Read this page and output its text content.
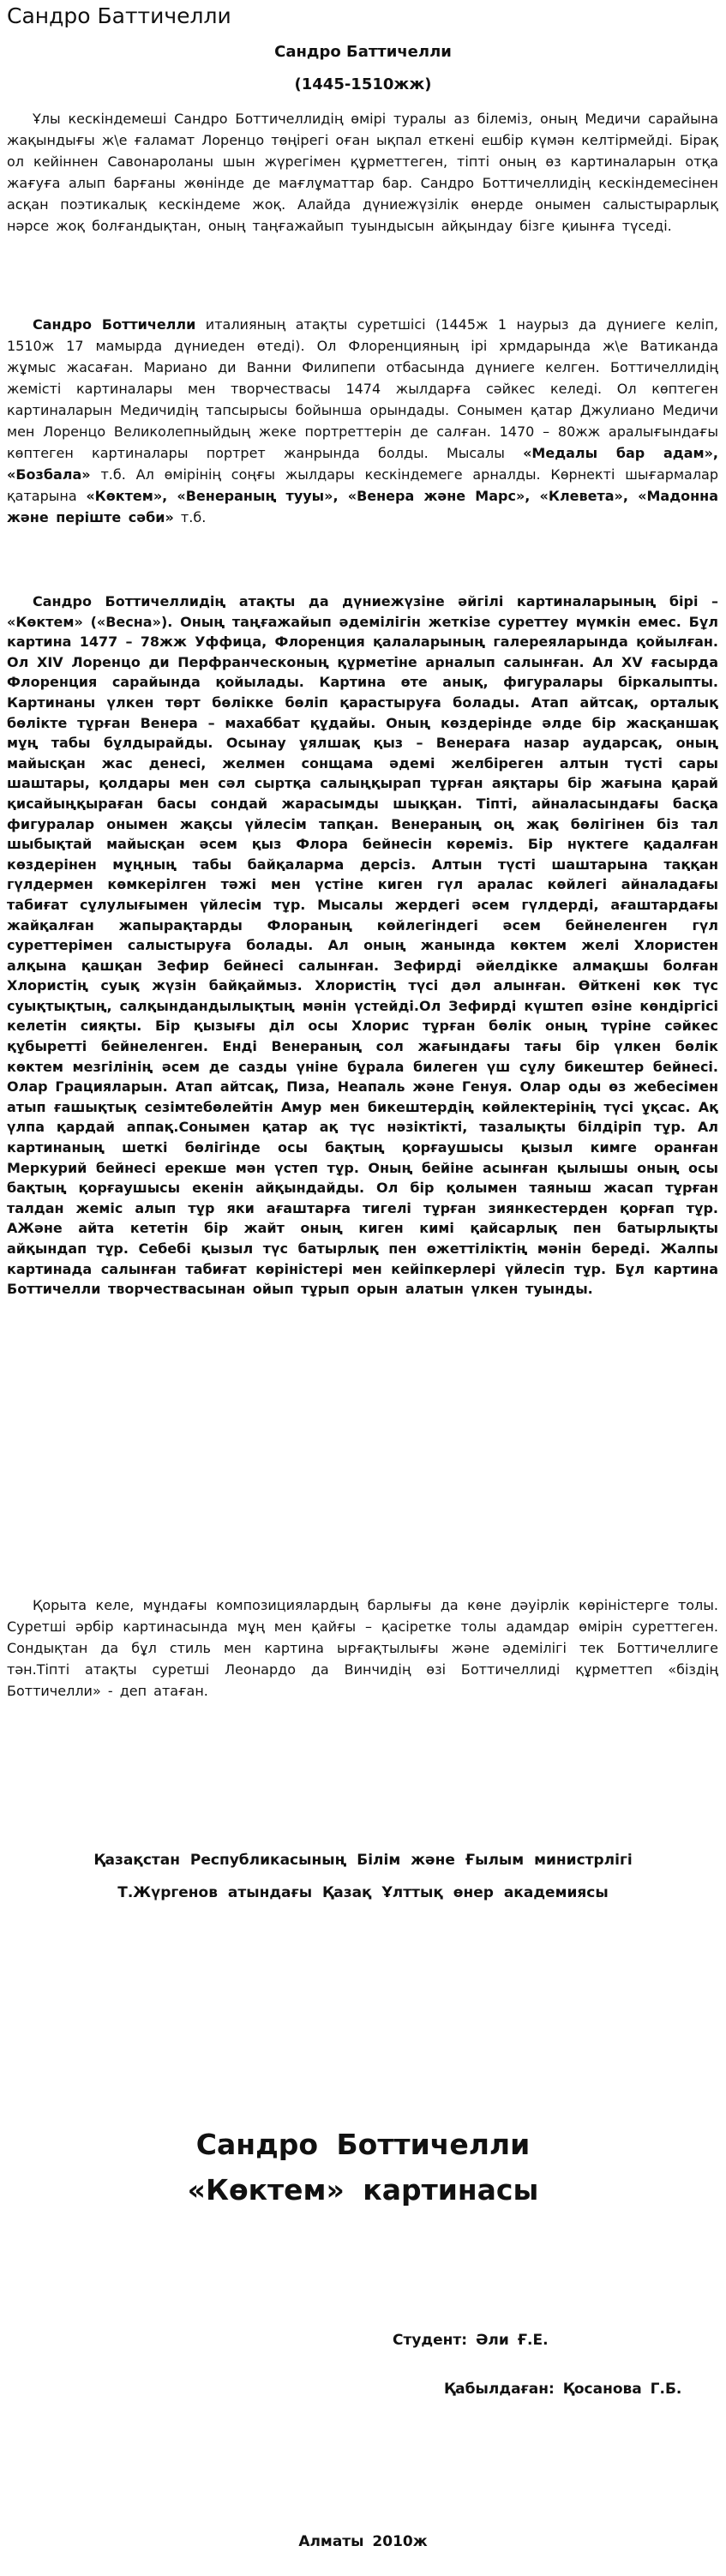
Сандро Баттичелли

Сандро Баттичелли

(1445-1510жж)

Ұлы кескіндемеші Сандро Боттичеллидің өмірі туралы аз білеміз, оның Медичи сарайына жақындығы ж\е ғаламат Лоренцо төңірегі оған ықпал еткені ешбір күмән келтірмейді. Бірақ ол кейіннен Савонароланы шын жүрегімен құрметтеген, тіпті оның өз картиналарын отқа жағуға алып барғаны жөнінде де мағлұматтар бар. Сандро Боттичеллидің кескіндемесінен асқан поэтикалық кескіндеме жоқ. Алайда дүниежүзілік өнерде онымен салыстырарлық нәрсе жоқ болғандықтан, оның таңғажайып туындысын айқындау бізге қиынға түседі.

Сандро Боттичелли италияның атақты суретшісі (1445ж 1 наурыз да дүниеге келіп, 1510ж 17 мамырда дүниеден өтеді). Ол Флоренцияның ірі хрмдарында ж\е Ватиканда жұмыс жасаған. Мариано ди Ванни Филипепи отбасында дүниеге келген. Боттичеллидің жемісті картиналары мен творчествасы 1474 жылдарға сәйкес келеді. Ол көптеген картиналарын Медичидің тапсырысы бойынша орындады. Сонымен қатар Джулиано Медичи мен Лоренцо Великолепныйдың жеке портреттерін де салған. 1470 – 80жж аралығындағы көптеген картиналары портрет жанрында болды. Мысалы «Медалы бар адам», «Бозбала» т.б. Ал өмірінің соңғы жылдары кескіндемеге арналды. Көрнекті шығармалар қатарына «Көктем», «Венераның тууы», «Венера және Марс», «Клевета», «Мадонна және періште сәби» т.б.

Сандро Боттичеллидің атақты да дүниежүзіне әйгілі картиналарының бірі – «Көктем» («Весна»). Оның таңғажайып әдемілігін жеткізе суреттеу мүмкін емес. Бұл картина 1477 – 78жж Уффица, Флоренция қалаларының галереяларында қойылған. Ол XIV Лоренцо ди Перфранческоның құрметіне арналып салынған. Ал XV ғасырда Флоренция сарайында қойылады. Картина өте анық, фигуралары біркалыпты. Картинаны үлкен төрт бөлікке бөліп қарастыруға болады. Атап айтсақ, орталық бөлікте тұрған Венера – махаббат құдайы. Оның көздерінде әлде бір жасқаншақ мұң табы бұлдырайды. Осынау ұялшақ қыз – Венераға назар аударсақ, оның майысқан жас денесі, желмен сонщама әдемі желбіреген алтын түсті сары шаштары, қолдары мен сәл сыртқа салыңқырап тұрған аяқтары бір жағына қарай қисайыңқыраған басы сондай жарасымды шыққан. Тіпті, айналасындағы басқа фигуралар онымен жақсы үйлесім тапқан. Венераның оң жақ бөлігінен біз тал шыбықтай майысқан әсем қыз Флора бейнесін көреміз. Бір нүктеге қадалған көздерінен мұңның табы байқаларма дерсіз. Алтын түсті шаштарына таққан гүлдермен көмкерілген тәжі мен үстіне киген гүл аралас көйлегі айналадағы табиғат сұлулығымен үйлесім тұр. Мысалы жердегі әсем гүлдерді, ағаштардағы жайқалған жапырақтарды Флораның көйлегіндегі әсем бейнеленген гүл суреттерімен салыстыруға болады. Ал оның жанында көктем желі Хлористен алқына қашқан Зефир бейнесі салынған. Зефирді әйелдікке алмақшы болған Хлористің суық жүзін байқаймыз. Хлористің түсі дәл алынған. Өйткені көк түс суықтықтың, салқындандылықтың мәнін үстейді.Ол Зефирді күштеп өзіне көндіргісі келетін сияқты. Бір қызығы діл осы Хлорис тұрған бөлік оның түріне сәйкес құбыретті бейнеленген. Енді Венераның сол жағындағы тағы бір үлкен бөлік көктем мезгілінің әсем де сазды үніне бұрала билеген үш сұлу бикештер бейнесі. Олар Грацияларын. Атап айтсақ, Пиза, Неапаль және Генуя. Олар оды өз жебесімен атып ғашықтық сезімтебөлейтін Амур мен бикештердің көйлектерінің түсі ұқсас. Ақ үлпа қардай аппақ.Сонымен қатар ақ түс нәзіктікті, тазалықты білдіріп тұр. Ал картинаның шеткі бөлігінде осы бақтың қорғаушысы қызыл кимге оранған Меркурий бейнесі ерекше мән үстеп тұр. Оның бейіне асынған қылышы оның осы бақтың қорғаушысы екенін айқындайды. Ол бір қолымен таяныш жасап тұрған талдан жеміс алып тұр яки ағаштарға тигелі тұрған зиянкестерден қорғап тұр. АЖәне айта кететін бір жайт оның киген кимі қайсарлық пен батырлықты айқындап тұр. Себебі қызыл түс батырлық пен өжеттіліктің мәнін береді. Жалпы картинада салынған табиғат көріністері мен кейіпкерлері үйлесіп тұр. Бұл картина Боттичелли творчествасынан ойып тұрып орын алатын үлкен туынды.

Қорыта келе, мұндағы композициялардың барлығы да көне дәуірлік көріністерге толы. Суретші әрбір картинасында мұң мен қайғы – қасіретке толы адамдар өмірін суреттеген. Сондықтан да бұл стиль мен картина ырғақтылығы және әдемілігі тек Боттичеллиге тән.Тіпті атақты суретші Леонардо да Винчидің өзі Боттичеллиді құрметтеп «біздің Боттичелли» - деп атаған.

Қазақстан Республикасының Білім және Ғылым министрлігі

Т.Жүргенов атындағы Қазақ Ұлттық өнер академиясы

Сандро Боттичелли

«Көктем» картинасы

Студент: Әли Ғ.Е.

Қабылдаған: Қосанова Г.Б.

Алматы 2010ж
